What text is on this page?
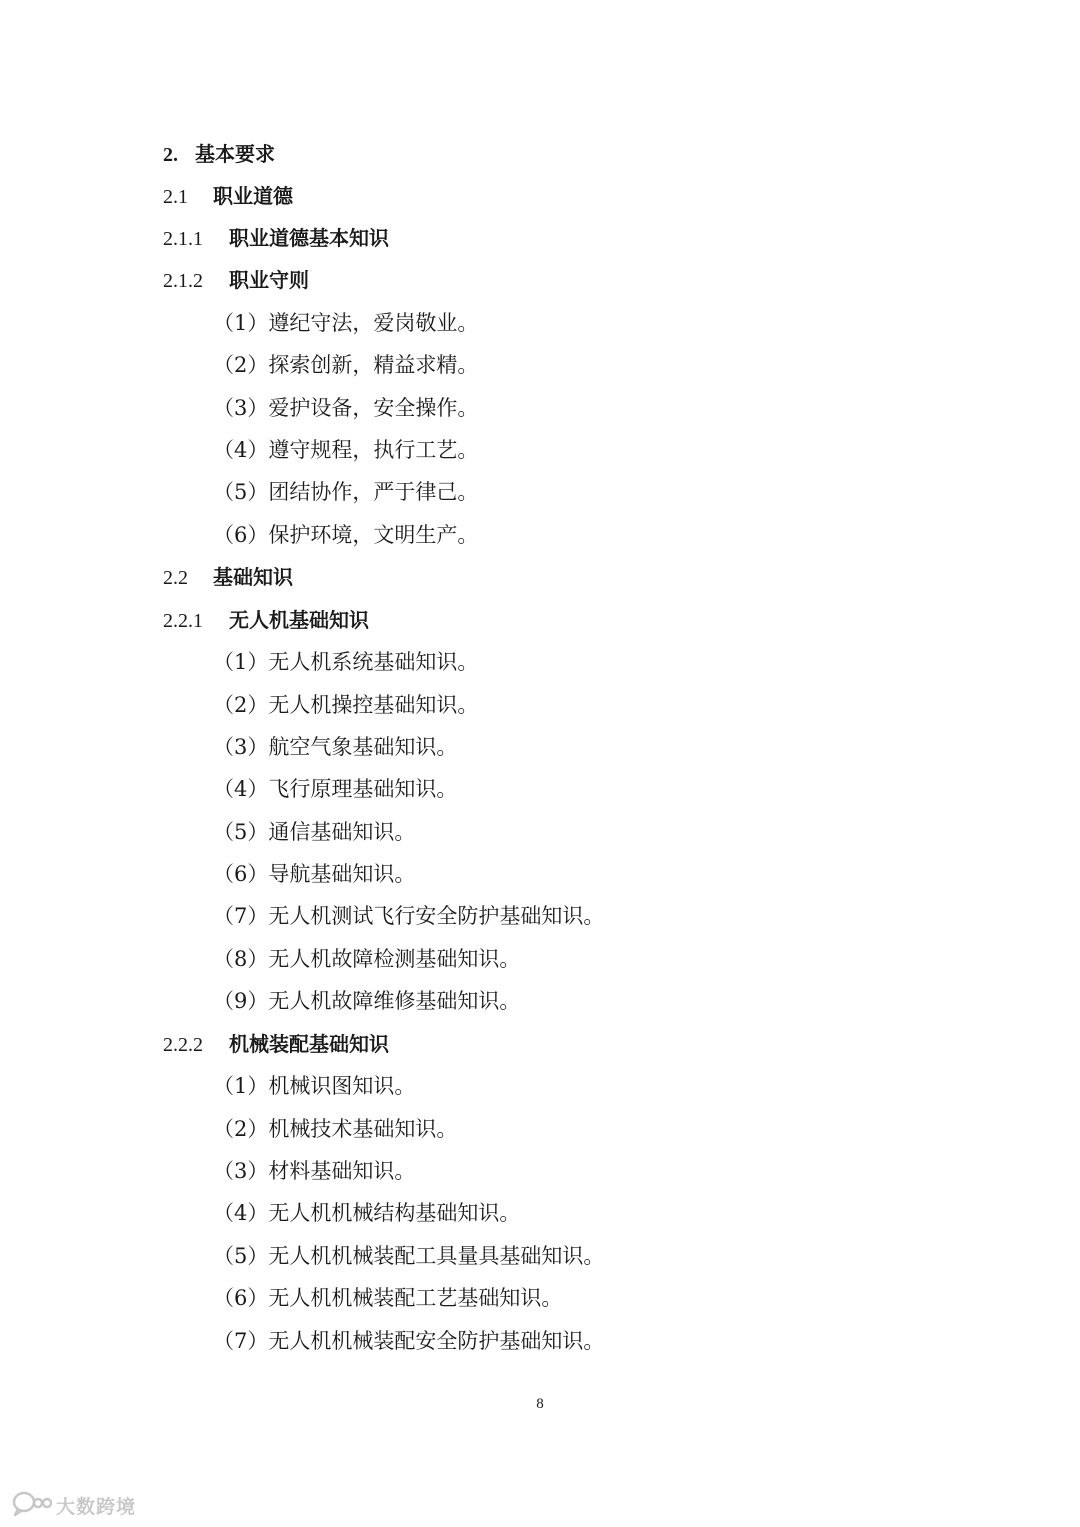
2. 基本要求
2.1 职业道德
2.1.1 职业道德基本知识
2.1.2 职业守则
（1）遵纪守法，爱岗敬业。
（2）探索创新，精益求精。
（3）爱护设备，安全操作。
（4）遵守规程，执行工艺。
（5）团结协作，严于律己。
（6）保护环境，文明生产。
2.2 基础知识
2.2.1 无人机基础知识
（1）无人机系统基础知识。
（2）无人机操控基础知识。
（3）航空气象基础知识。
（4）飞行原理基础知识。
（5）通信基础知识。
（6）导航基础知识。
（7）无人机测试飞行安全防护基础知识。
（8）无人机故障检测基础知识。
（9）无人机故障维修基础知识。
2.2.2 机械装配基础知识
（1）机械识图知识。
（2）机械技术基础知识。
（3）材料基础知识。
（4）无人机机械结构基础知识。
（5）无人机机械装配工具量具基础知识。
（6）无人机机械装配工艺基础知识。
（7）无人机机械装配安全防护基础知识。
8
大数跨境
